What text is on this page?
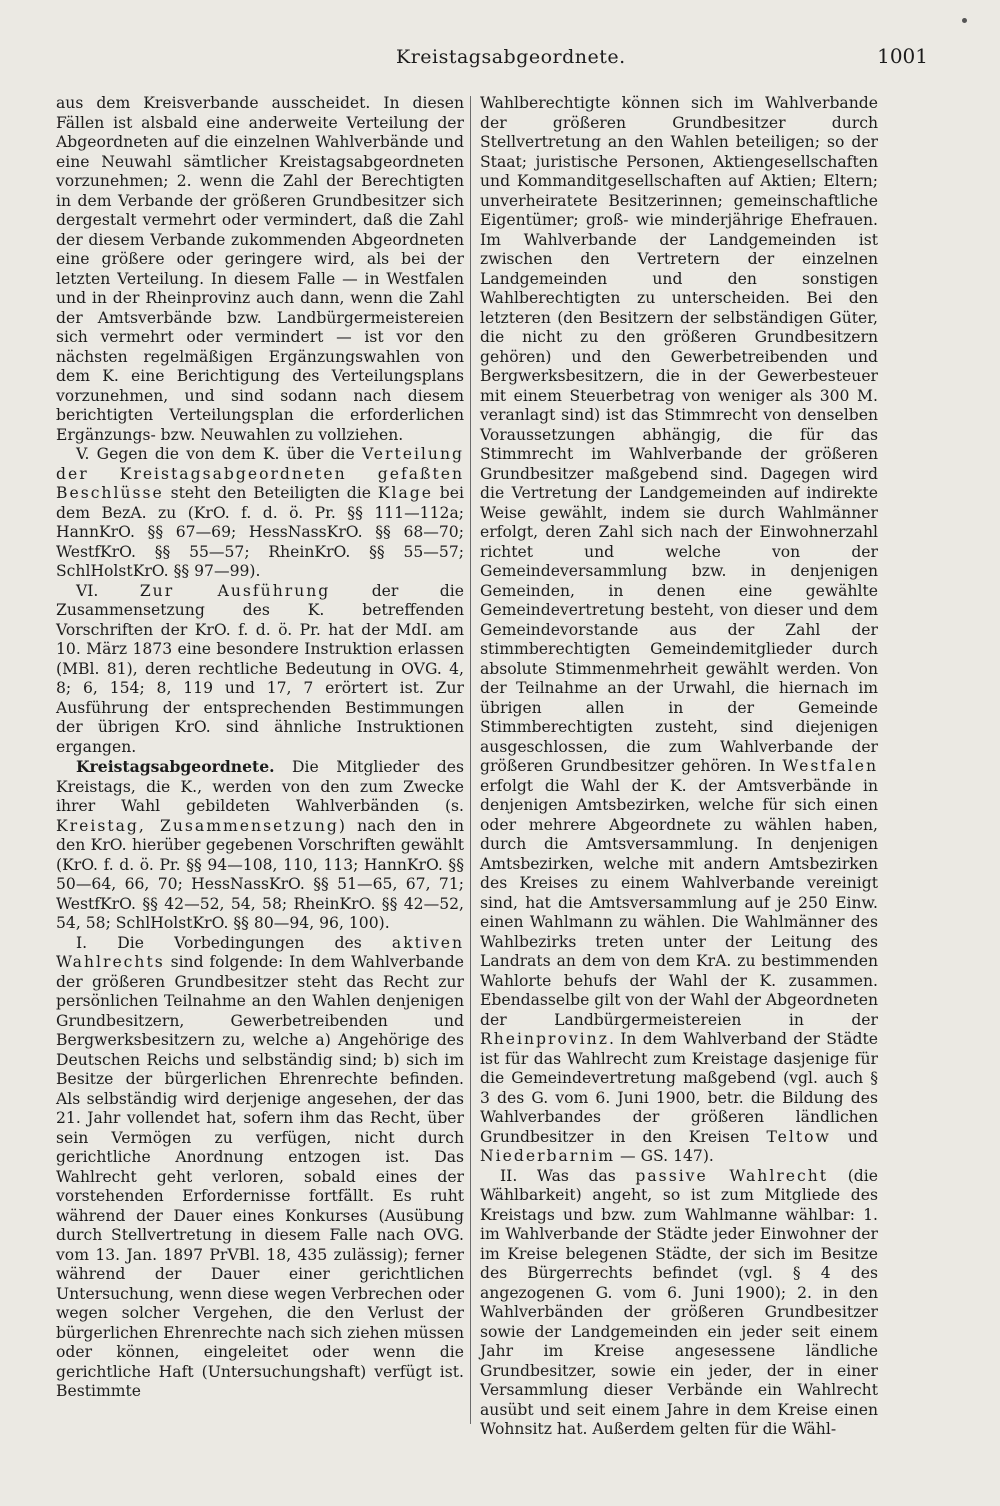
Kreistagsabgeordnete.	1001

aus dem Kreisverbande ausscheidet. In diesen Fällen ist alsbald eine anderweite Verteilung der Abgeordneten auf die einzelnen Wahlverbände und eine Neuwahl sämtlicher Kreistagsabgeordneten vorzunehmen; 2. wenn die Zahl der Berechtigten in dem Verbande der größeren Grundbesitzer sich dergestalt vermehrt oder vermindert, daß die Zahl der diesem Verbande zukommenden Abgeordneten eine größere oder geringere wird, als bei der letzten Verteilung. In diesem Falle — in Westfalen und in der Rheinprovinz auch dann, wenn die Zahl der Amtsverbände bzw. Landbürgermeistereien sich vermehrt oder vermindert — ist vor den nächsten regelmäßigen Ergänzungswahlen von dem K. eine Berichtigung des Verteilungsplans vorzunehmen, und sind sodann nach diesem berichtigten Verteilungsplan die erforderlichen Ergänzungs- bzw. Neuwahlen zu vollziehen.

V. Gegen die von dem K. über die Verteilung der Kreistagsabgeordneten gefaßten Beschlüsse steht den Beteiligten die Klage bei dem BezA. zu (KrO. f. d. ö. Pr. §§ 111—112a; HannKrO. §§ 67—69; HessNassKrO. §§ 68—70; WestfKrO. §§ 55—57; RheinKrO. §§ 55—57; SchlHolstKrO. §§ 97—99).

VI. Zur Ausführung der die Zusammensetzung des K. betreffenden Vorschriften der KrO. f. d. ö. Pr. hat der MdI. am 10. März 1873 eine besondere Instruktion erlassen (MBl. 81), deren rechtliche Bedeutung in OVG. 4, 8; 6, 154; 8, 119 und 17, 7 erörtert ist. Zur Ausführung der entsprechenden Bestimmungen der übrigen KrO. sind ähnliche Instruktionen ergangen.

Kreistagsabgeordnete. Die Mitglieder des Kreistags, die K., werden von den zum Zwecke ihrer Wahl gebildeten Wahlverbänden (s. Kreistag, Zusammensetzung) nach den in den KrO. hierüber gegebenen Vorschriften gewählt (KrO. f. d. ö. Pr. §§ 94—108, 110, 113; HannKrO. §§ 50—64, 66, 70; HessNassKrO. §§ 51—65, 67, 71; WestfKrO. §§ 42—52, 54, 58; RheinKrO. §§ 42—52, 54, 58; SchlHolstKrO. §§ 80—94, 96, 100).

I. Die Vorbedingungen des aktiven Wahlrechts sind folgende: In dem Wahlverbande der größeren Grundbesitzer steht das Recht zur persönlichen Teilnahme an den Wahlen denjenigen Grundbesitzern, Gewerbetreibenden und Bergwerksbesitzern zu, welche a) Angehörige des Deutschen Reichs und selbständig sind; b) sich im Besitze der bürgerlichen Ehrenrechte befinden. Als selbständig wird derjenige angesehen, der das 21. Jahr vollendet hat, sofern ihm das Recht, über sein Vermögen zu verfügen, nicht durch gerichtliche Anordnung entzogen ist. Das Wahlrecht geht verloren, sobald eines der vorstehenden Erfordernisse fortfällt. Es ruht während der Dauer eines Konkurses (Ausübung durch Stellvertretung in diesem Falle nach OVG. vom 13. Jan. 1897 PrVBl. 18, 435 zulässig); ferner während der Dauer einer gerichtlichen Untersuchung, wenn diese wegen Verbrechen oder wegen solcher Vergehen, die den Verlust der bürgerlichen Ehrenrechte nach sich ziehen müssen oder können, eingeleitet oder wenn die gerichtliche Haft (Untersuchungshaft) verfügt ist. Bestimmte

Wahlberechtigte können sich im Wahlverbande der größeren Grundbesitzer durch Stellvertretung an den Wahlen beteiligen; so der Staat; juristische Personen, Aktiengesellschaften und Kommanditgesellschaften auf Aktien; Eltern; unverheiratete Besitzerinnen; gemeinschaftliche Eigentümer; groß- wie minderjährige Ehefrauen. Im Wahlverbande der Landgemeinden ist zwischen den Vertretern der einzelnen Landgemeinden und den sonstigen Wahlberechtigten zu unterscheiden. Bei den letzteren (den Besitzern der selbständigen Güter, die nicht zu den größeren Grundbesitzern gehören) und den Gewerbetreibenden und Bergwerksbesitzern, die in der Gewerbesteuer mit einem Steuerbetrag von weniger als 300 M. veranlagt sind) ist das Stimmrecht von denselben Voraussetzungen abhängig, die für das Stimmrecht im Wahlverbande der größeren Grundbesitzer maßgebend sind. Dagegen wird die Vertretung der Landgemeinden auf indirekte Weise gewählt, indem sie durch Wahlmänner erfolgt, deren Zahl sich nach der Einwohnerzahl richtet und welche von der Gemeindeversammlung bzw. in denjenigen Gemeinden, in denen eine gewählte Gemeindevertretung besteht, von dieser und dem Gemeindevorstande aus der Zahl der stimmberechtigten Gemeindemitglieder durch absolute Stimmenmehrheit gewählt werden. Von der Teilnahme an der Urwahl, die hiernach im übrigen allen in der Gemeinde Stimmberechtigten zusteht, sind diejenigen ausgeschlossen, die zum Wahlverbande der größeren Grundbesitzer gehören. In Westfalen erfolgt die Wahl der K. der Amtsverbände in denjenigen Amtsbezirken, welche für sich einen oder mehrere Abgeordnete zu wählen haben, durch die Amtsversammlung. In denjenigen Amtsbezirken, welche mit andern Amtsbezirken des Kreises zu einem Wahlverbande vereinigt sind, hat die Amtsversammlung auf je 250 Einw. einen Wahlmann zu wählen. Die Wahlmänner des Wahlbezirks treten unter der Leitung des Landrats an dem von dem KrA. zu bestimmenden Wahlorte behufs der Wahl der K. zusammen. Ebendasselbe gilt von der Wahl der Abgeordneten der Landbürgermeistereien in der Rheinprovinz. In dem Wahlverband der Städte ist für das Wahlrecht zum Kreistage dasjenige für die Gemeindevertretung maßgebend (vgl. auch § 3 des G. vom 6. Juni 1900, betr. die Bildung des Wahlverbandes der größeren ländlichen Grundbesitzer in den Kreisen Teltow und Niederbarnim — GS. 147).

II. Was das passive Wahlrecht (die Wählbarkeit) angeht, so ist zum Mitgliede des Kreistags und bzw. zum Wahlmanne wählbar: 1. im Wahlverbande der Städte jeder Einwohner der im Kreise belegenen Städte, der sich im Besitze des Bürgerrechts befindet (vgl. § 4 des angezogenen G. vom 6. Juni 1900); 2. in den Wahlverbänden der größeren Grundbesitzer sowie der Landgemeinden ein jeder seit einem Jahr im Kreise angesessene ländliche Grundbesitzer, sowie ein jeder, der in einer Versammlung dieser Verbände ein Wahlrecht ausübt und seit einem Jahre in dem Kreise einen Wohnsitz hat. Außerdem gelten für die Wähl-
